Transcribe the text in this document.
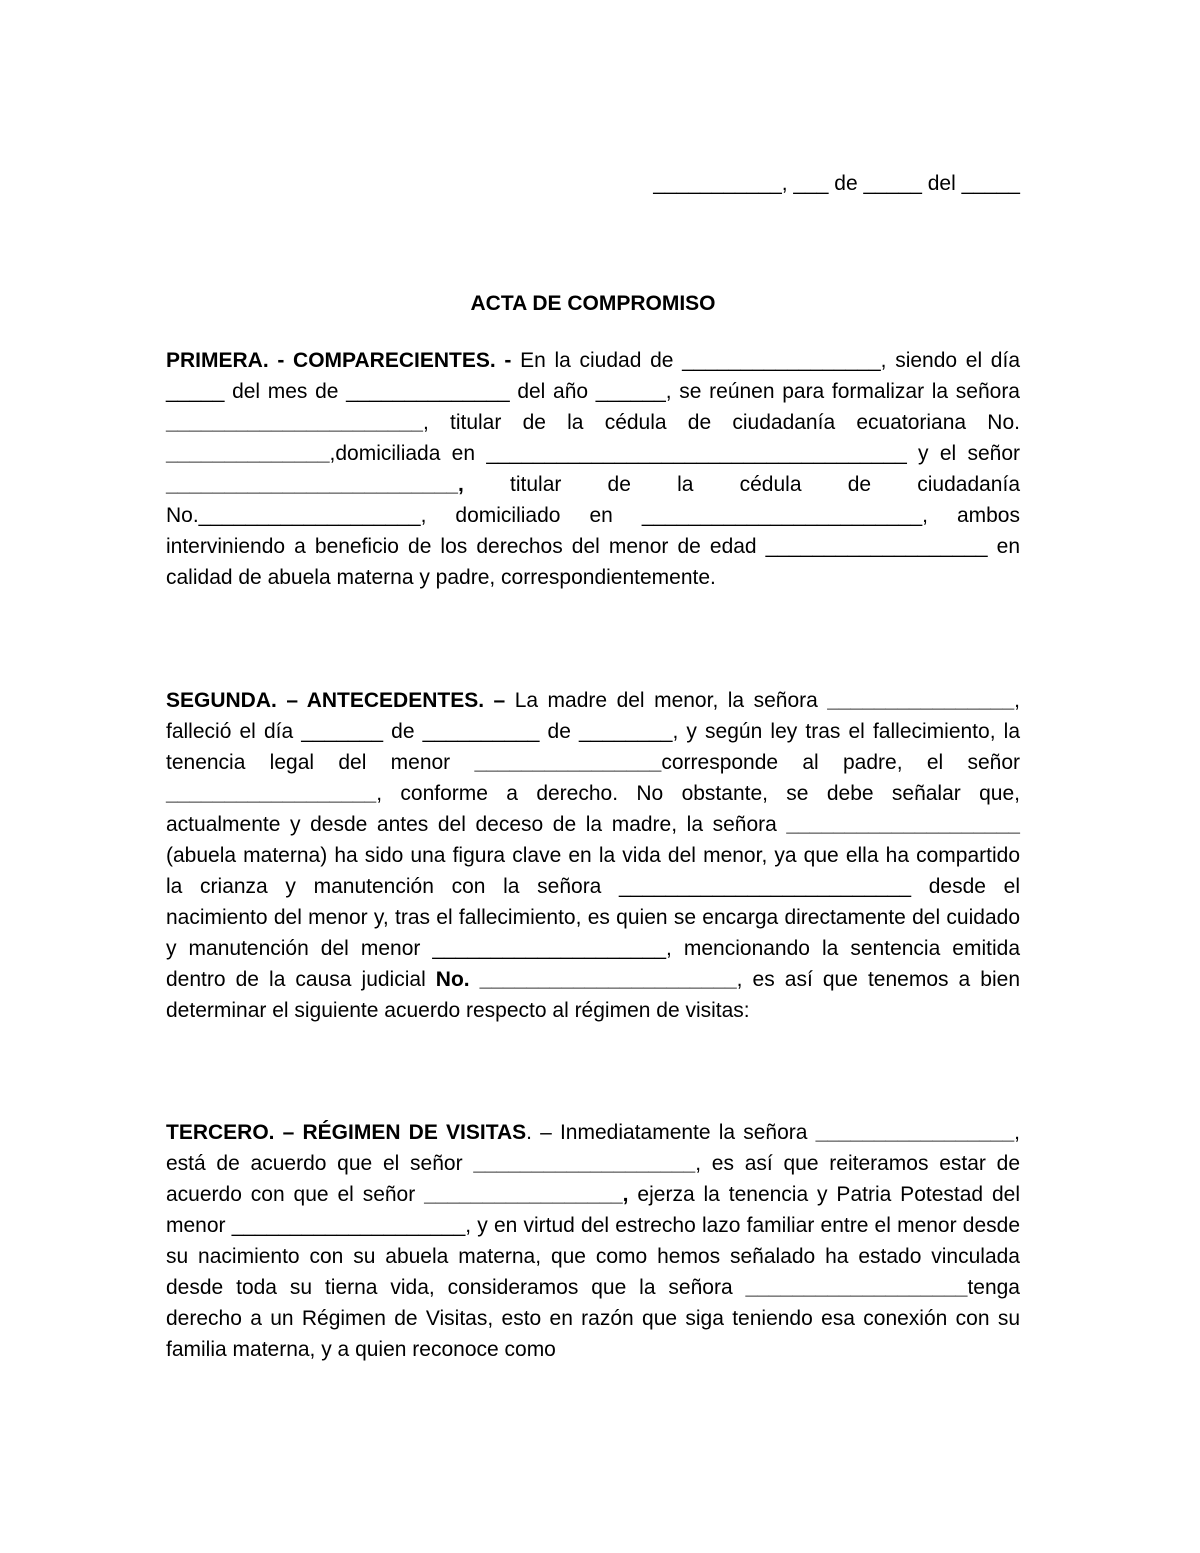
___________, ___ de _____ del _____
ACTA DE COMPROMISO

PRIMERA. - COMPARECIENTES. - En la ciudad de _________________, siendo el día _____ del mes de ______________ del año ______, se reúnen para formalizar la señora ______________________, titular de la cédula de ciudadanía ecuatoriana No. ______________,domiciliada en ____________________________________ y el señor _________________________, titular de la cédula de ciudadanía No.___________________, domiciliado en ________________________, ambos interviniendo a beneficio de los derechos del menor de edad ___________________ en calidad de abuela materna y padre, correspondientemente.

SEGUNDA. – ANTECEDENTES. – La madre del menor, la señora ________________, falleció el día _______ de __________ de ________, y según ley tras el fallecimiento, la tenencia legal del menor ________________corresponde al padre, el señor __________________, conforme a derecho. No obstante, se debe señalar que, actualmente y desde antes del deceso de la madre, la señora ____________________ (abuela materna) ha sido una figura clave en la vida del menor, ya que ella ha compartido la crianza y manutención con la señora _________________________ desde el nacimiento del menor y, tras el fallecimiento, es quien se encarga directamente del cuidado y manutención del menor ____________________, mencionando la sentencia emitida dentro de la causa judicial No. ______________________, es así que tenemos a bien determinar el siguiente acuerdo respecto al régimen de visitas:

TERCERO. – RÉGIMEN DE VISITAS. – Inmediatamente la señora _________________, está de acuerdo que el señor ___________________, es así que reiteramos estar de acuerdo con que el señor _________________, ejerza la tenencia y Patria Potestad del menor ____________________, y en virtud del estrecho lazo familiar entre el menor desde su nacimiento con su abuela materna, que como hemos señalado ha estado vinculada desde toda su tierna vida, consideramos que la señora ___________________tenga derecho a un Régimen de Visitas, esto en razón que siga teniendo esa conexión con su familia materna, y a quien reconoce como
